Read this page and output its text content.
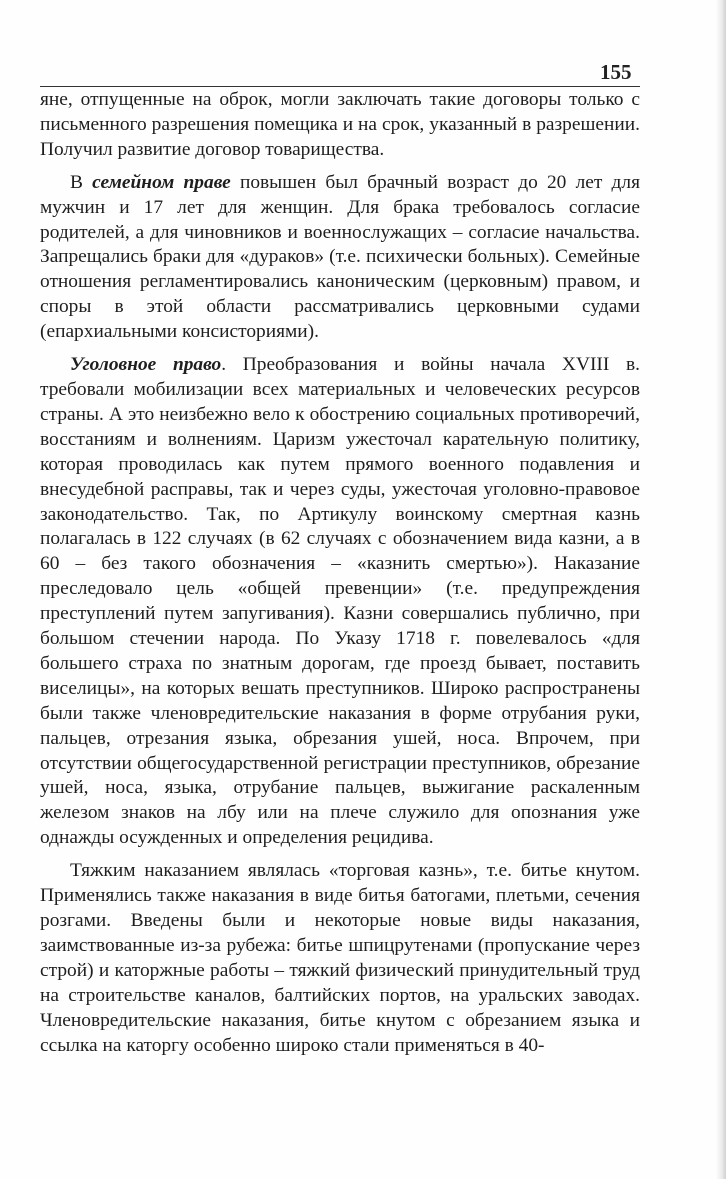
155

яне, отпущенные на оброк, могли заключать такие договоры только с письменного разрешения помещика и на срок, указанный в разрешении. Получил развитие договор товарищества.

В семейном праве повышен был брачный возраст до 20 лет для мужчин и 17 лет для женщин. Для брака требовалось согласие родителей, а для чиновников и военнослужащих – согласие начальства. Запрещались браки для «дураков» (т.е. психически больных). Семейные отношения регламентировались каноническим (церковным) правом, и споры в этой области рассматривались церковными судами (епархиальными консисториями).

Уголовное право. Преобразования и войны начала XVIII в. требовали мобилизации всех материальных и человеческих ресурсов страны. А это неизбежно вело к обострению социальных противоречий, восстаниям и волнениям. Царизм ужесточал карательную политику, которая проводилась как путем прямого военного подавления и внесудебной расправы, так и через суды, ужесточая уголовно-правовое законодательство. Так, по Артикулу воинскому смертная казнь полагалась в 122 случаях (в 62 случаях с обозначением вида казни, а в 60 – без такого обозначения – «казнить смертью»). Наказание преследовало цель «общей превенции» (т.е. предупреждения преступлений путем запугивания). Казни совершались публично, при большом стечении народа. По Указу 1718 г. повелевалось «для большего страха по знатным дорогам, где проезд бывает, поставить виселицы», на которых вешать преступников. Широко распространены были также членовредительские наказания в форме отрубания руки, пальцев, отрезания языка, обрезания ушей, носа. Впрочем, при отсутствии общегосударственной регистрации преступников, обрезание ушей, носа, языка, отрубание пальцев, выжигание раскаленным железом знаков на лбу или на плече служило для опознания уже однажды осужденных и определения рецидива.

Тяжким наказанием являлась «торговая казнь», т.е. битье кнутом. Применялись также наказания в виде битья батогами, плетьми, сечения розгами. Введены были и некоторые новые виды наказания, заимствованные из-за рубежа: битье шпицрутенами (пропускание через строй) и каторжные работы – тяжкий физический принудительный труд на строительстве каналов, балтийских портов, на уральских заводах. Членовредительские наказания, битье кнутом с обрезанием языка и ссылка на каторгу особенно широко стали применяться в 40-
